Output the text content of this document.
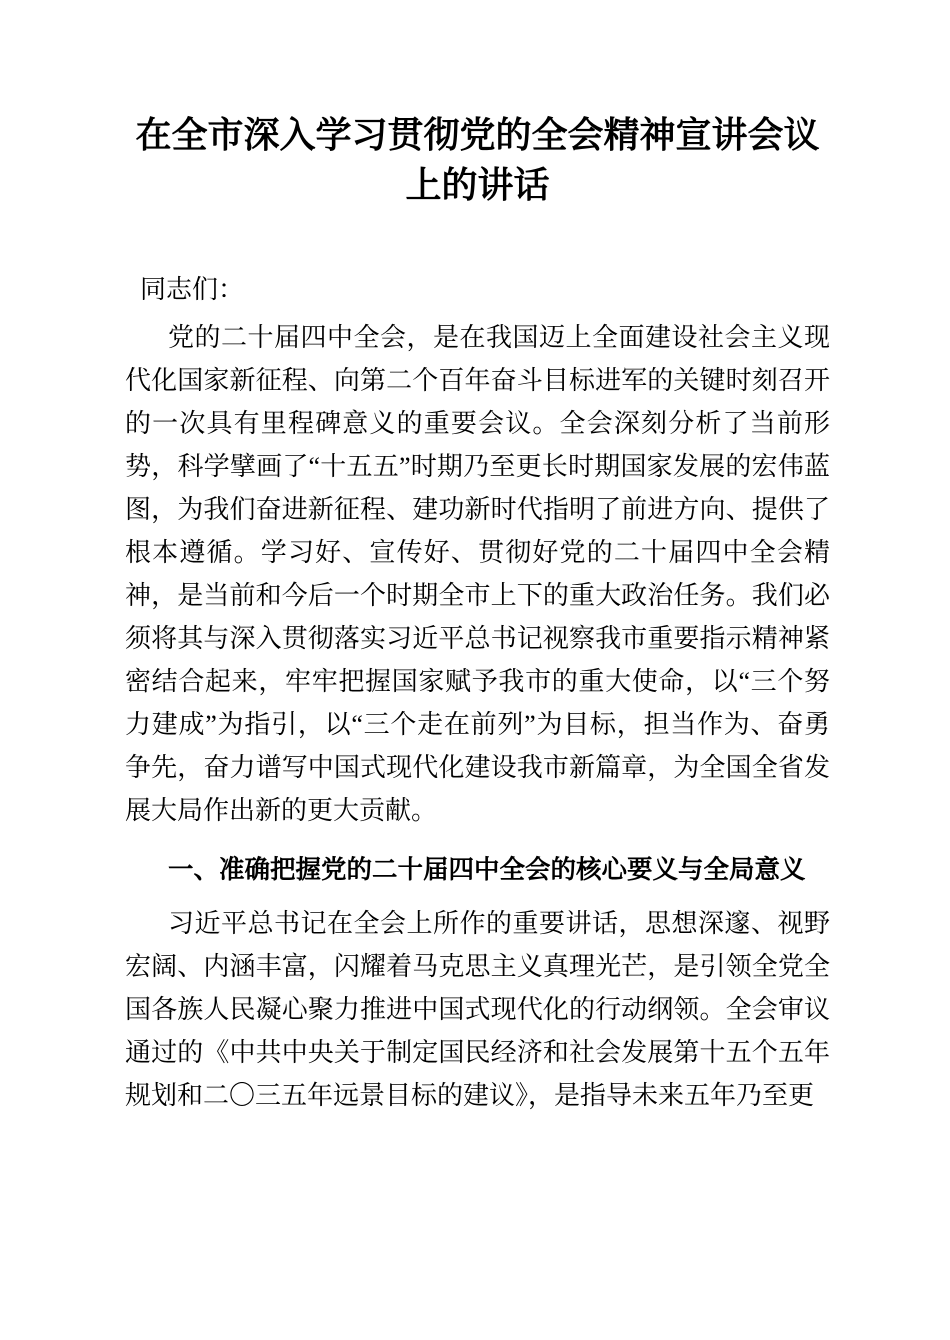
在全市深入学习贯彻党的全会精神宣讲会议上的讲话

同志们：

党的二十届四中全会，是在我国迈上全面建设社会主义现代化国家新征程、向第二个百年奋斗目标进军的关键时刻召开的一次具有里程碑意义的重要会议。全会深刻分析了当前形势，科学擘画了“十五五”时期乃至更长时期国家发展的宏伟蓝图，为我们奋进新征程、建功新时代指明了前进方向、提供了根本遵循。学习好、宣传好、贯彻好党的二十届四中全会精神，是当前和今后一个时期全市上下的重大政治任务。我们必须将其与深入贯彻落实习近平总书记视察我市重要指示精神紧密结合起来，牢牢把握国家赋予我市的重大使命，以“三个努力建成”为指引，以“三个走在前列”为目标，担当作为、奋勇争先，奋力谱写中国式现代化建设我市新篇章，为全国全省发展大局作出新的更大贡献。

一、准确把握党的二十届四中全会的核心要义与全局意义

习近平总书记在全会上所作的重要讲话，思想深邃、视野宏阔、内涵丰富，闪耀着马克思主义真理光芒，是引领全党全国各族人民凝心聚力推进中国式现代化的行动纲领。全会审议通过的《中共中央关于制定国民经济和社会发展第十五个五年规划和二〇三五年远景目标的建议》，是指导未来五年乃至更
